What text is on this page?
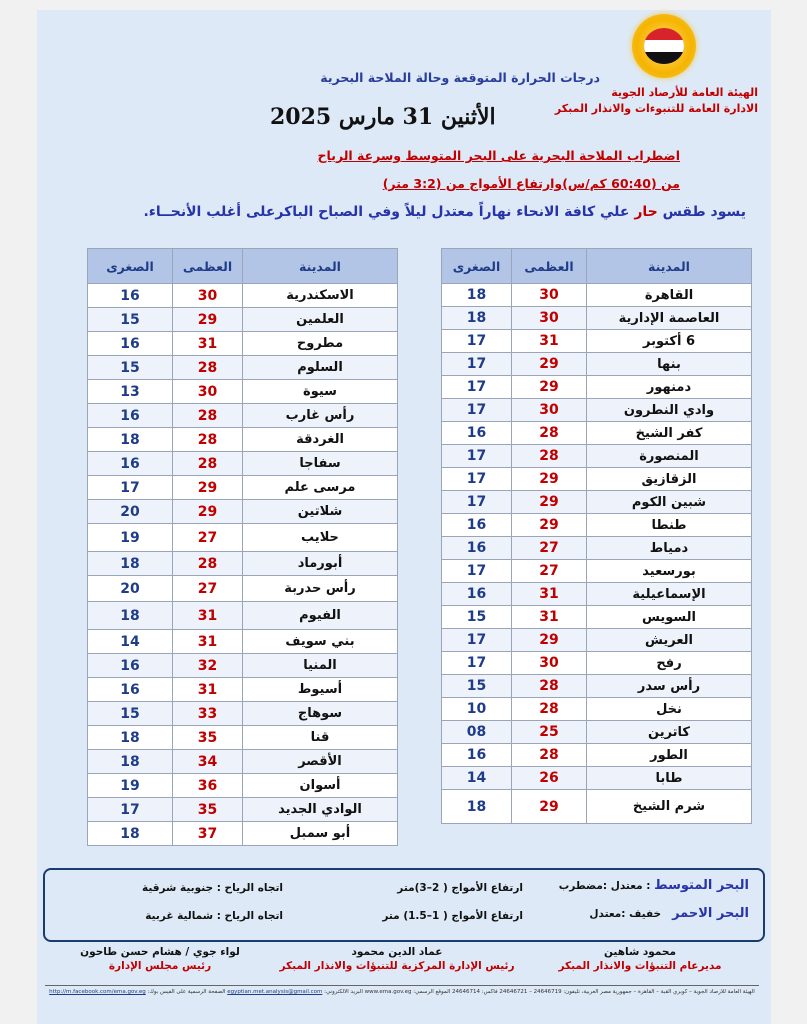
الهيئة العامة للأرصاد الجوية
الادارة العامة للتنبوءات والانذار المبكر
درجات الحرارة المتوقعة وحالة الملاحة البحرية
الأثنين 31 مارس 2025
اضطراب الملاحة البحرية على البحر المتوسط وسرعة الرياح
من (60:40 كم/س)وارتفاع الأمواج من (3:2 متر)
يسود طقس حار علي كافة الانحاء نهاراً معتدل ليلاً وفي الصباح الباكرعلى أغلب الأنحــاء.
المدينة	العظمى	الصغرى
القاهرة	30	18
العاصمة الإدارية	30	18
6 أكتوبر	31	17
بنها	29	17
دمنهور	29	17
وادي النطرون	30	17
كفر الشيخ	28	16
المنصورة	28	17
الزقازيق	29	17
شبين الكوم	29	17
طنطا	29	16
دمياط	27	16
بورسعيد	27	17
الإسماعيلية	31	16
السويس	31	15
العريش	29	17
رفح	30	17
رأس سدر	28	15
نخل	28	10
كاترين	25	08
الطور	28	16
طابا	26	14
شرم الشيخ	29	18
المدينة	العظمى	الصغرى
الاسكندرية	30	16
العلمين	29	15
مطروح	31	16
السلوم	28	15
سيوة	30	13
رأس غارب	28	16
الغردقة	28	18
سفاجا	28	16
مرسى علم	29	17
شلاتين	29	20
حلايب	27	19
أبورماد	28	18
رأس حدربة	27	20
الفيوم	31	18
بني سويف	31	14
المنيا	32	16
أسيوط	31	16
سوهاج	33	15
قنا	35	18
الأقصر	34	18
أسوان	36	19
الوادي الجديد	35	17
أبو سمبل	37	18
البحر المتوسط : معتدل :مضطرب
ارتفاع الأمواج ( 2–3)متر
اتجاه الرياح : جنوبية شرقية
البحر الاحمر   خفيف :معتدل
ارتفاع الأمواج ( 1–1.5) متر
اتجاه الرياح : شمالية غربية
محمود شاهين
مديرعام التنبؤات والانذار المبكر
عماد الدين محمود
رئيس الإدارة المركزية للتنبؤات والانذار المبكر
لواء جوي / هشام حسن طاحون
رئيس مجلس الإدارة
الهيئة العامة للأرصاد الجوية – كوبري القبة – القاهرة – جمهورية مصر العربية، تليفون: 24646719 – 24646721 فاكس: 24646714 الموقع الرسمي: www.ema.gov.eg البريد الالكتروني: egyptian.met.analysis@gmail.com الصفحة الرسمية على الفيس بوك: http://m.facebook.com/ema.gov.eg
